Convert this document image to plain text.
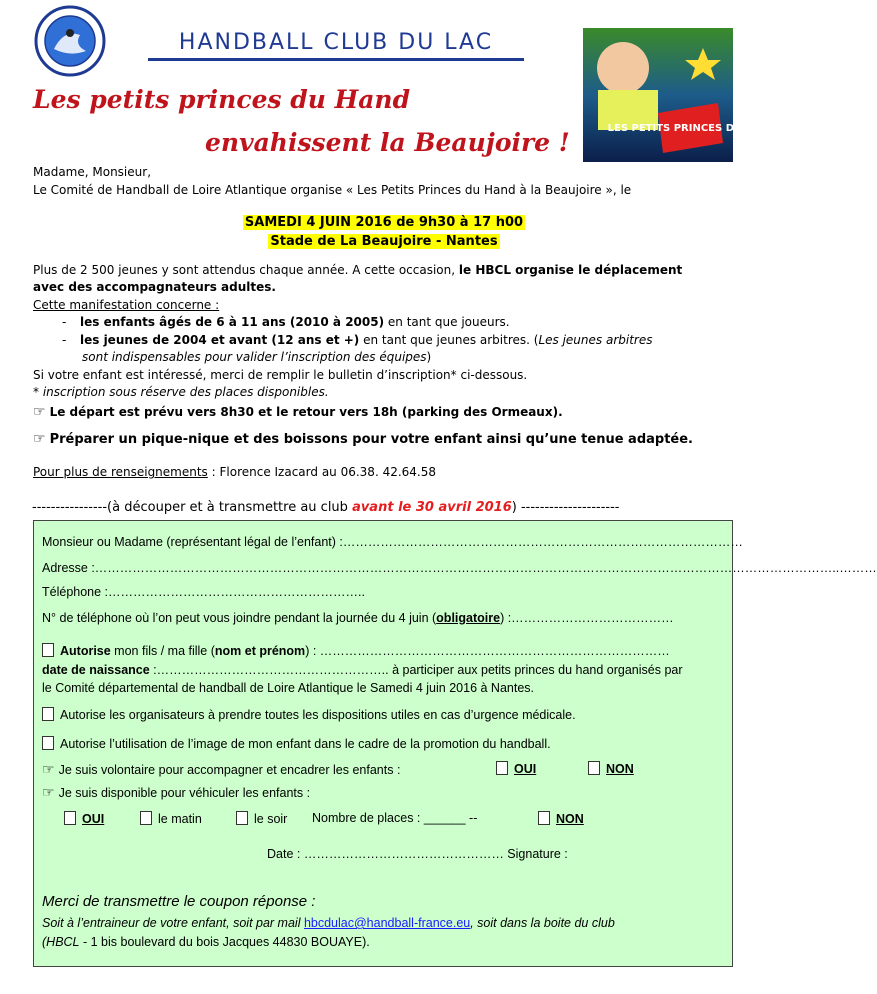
HANDBALL CLUB DU LAC
Les petits princes du Hand
envahissent la Beaujoire !	LES PETITS PRINCES DU HAND
Madame, Monsieur,
Le Comité de Handball de Loire Atlantique organise « Les Petits Princes du Hand à la Beaujoire », le
SAMEDI 4 JUIN 2016 de 9h30 à 17 h00
Stade de La Beaujoire - Nantes
Plus de 2 500 jeunes y sont attendus chaque année. A cette occasion, le HBCL organise le déplacement
avec des accompagnateurs adultes.
Cette manifestation concerne :
- les enfants âgés de 6 à 11 ans (2010 à 2005) en tant que joueurs.
- les jeunes de 2004 et avant (12 ans et +) en tant que jeunes arbitres. (Les jeunes arbitres
sont indispensables pour valider l’inscription des équipes)
Si votre enfant est intéressé, merci de remplir le bulletin d’inscription* ci-dessous.
* inscription sous réserve des places disponibles.
☞ Le départ est prévu vers 8h30 et le retour vers 18h (parking des Ormeaux).
☞ Préparer un pique-nique et des boissons pour votre enfant ainsi qu’une tenue adaptée.
Pour plus de renseignements : Florence Izacard au 06.38. 42.64.58
----------------(à découper et à transmettre au club avant le 30 avril 2016) ---------------------
Monsieur ou Madame (représentant légal de l’enfant) :……………………………………………………………………………………
Adresse :……………………………………………………………………………………………………………………………………………………………..………
Téléphone :……………………………………………………..
N° de téléphone où l’on peut vous joindre pendant la journée du 4 juin (obligatoire) :…………………………………
Autorise mon fils / ma fille (nom et prénom) : …………………………………………………………………………
date de naissance :……………………………………………….. à participer aux petits princes du hand organisés par
le Comité départemental de handball de Loire Atlantique le Samedi 4 juin 2016 à Nantes.
Autorise les organisateurs à prendre toutes les dispositions utiles en cas d’urgence médicale.
Autorise l’utilisation de l’image de mon enfant dans le cadre de la promotion du handball.
☞ Je suis volontaire pour accompagner et encadrer les enfants :	OUI	NON
☞ Je suis disponible pour véhiculer les enfants :
OUI	le matin	le soir Nombre de places : ______ --	NON
Date : ………………………………………… Signature :
Merci de transmettre le coupon réponse :
Soit à l’entraineur de votre enfant, soit par mail hbcdulac@handball-france.eu, soit dans la boite du club
(HBCL - 1 bis boulevard du bois Jacques 44830 BOUAYE).
